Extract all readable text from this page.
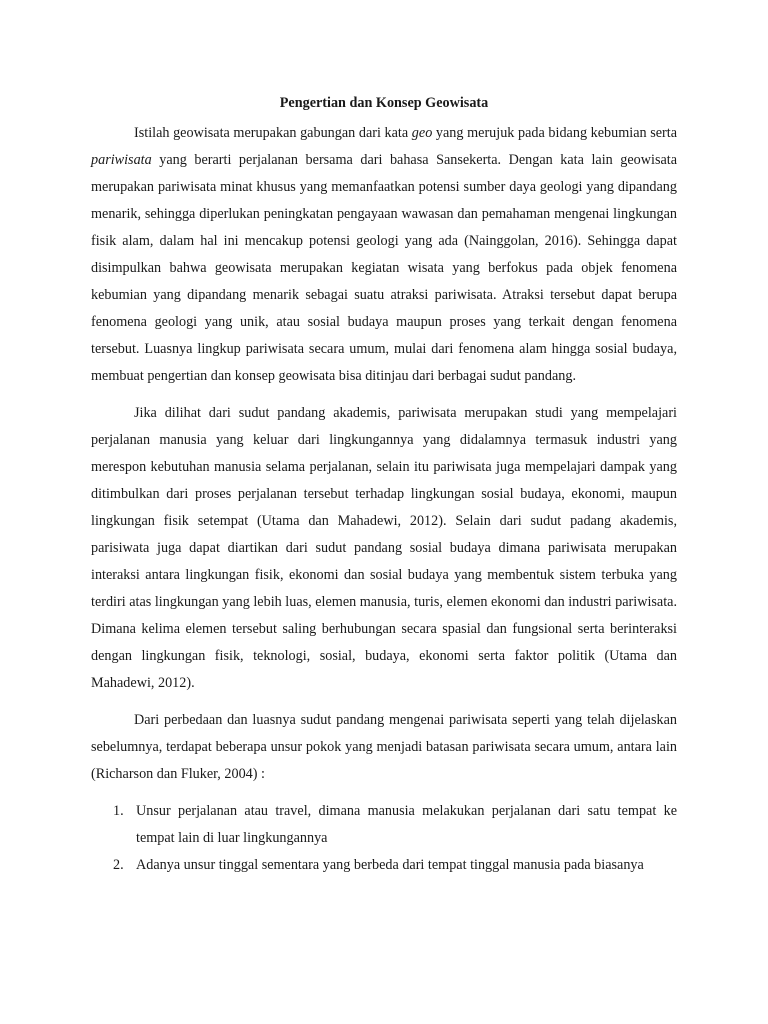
Pengertian dan Konsep Geowisata

Istilah geowisata merupakan gabungan dari kata geo yang merujuk pada bidang kebumian serta pariwisata yang berarti perjalanan bersama dari bahasa Sansekerta. Dengan kata lain geowisata merupakan pariwisata minat khusus yang memanfaatkan potensi sumber daya geologi yang dipandang menarik, sehingga diperlukan peningkatan pengayaan wawasan dan pemahaman mengenai lingkungan fisik alam, dalam hal ini mencakup potensi geologi yang ada (Nainggolan, 2016). Sehingga dapat disimpulkan bahwa geowisata merupakan kegiatan wisata yang berfokus pada objek fenomena kebumian yang dipandang menarik sebagai suatu atraksi pariwisata. Atraksi tersebut dapat berupa fenomena geologi yang unik, atau sosial budaya maupun proses yang terkait dengan fenomena tersebut. Luasnya lingkup pariwisata secara umum, mulai dari fenomena alam hingga sosial budaya, membuat pengertian dan konsep geowisata bisa ditinjau dari berbagai sudut pandang.

Jika dilihat dari sudut pandang akademis, pariwisata merupakan studi yang mempelajari perjalanan manusia yang keluar dari lingkungannya yang didalamnya termasuk industri yang merespon kebutuhan manusia selama perjalanan, selain itu pariwisata juga mempelajari dampak yang ditimbulkan dari proses perjalanan tersebut terhadap lingkungan sosial budaya, ekonomi, maupun lingkungan fisik setempat (Utama dan Mahadewi, 2012). Selain dari sudut padang akademis, parisiwata juga dapat diartikan dari sudut pandang sosial budaya dimana pariwisata merupakan interaksi antara lingkungan fisik, ekonomi dan sosial budaya yang membentuk sistem terbuka yang terdiri atas lingkungan yang lebih luas, elemen manusia, turis, elemen ekonomi dan industri pariwisata. Dimana kelima elemen tersebut saling berhubungan secara spasial dan fungsional serta berinteraksi dengan lingkungan fisik, teknologi, sosial, budaya, ekonomi serta faktor politik (Utama dan Mahadewi, 2012).

Dari perbedaan dan luasnya sudut pandang mengenai pariwisata seperti yang telah dijelaskan sebelumnya, terdapat beberapa unsur pokok yang menjadi batasan pariwisata secara umum, antara lain (Richarson dan Fluker, 2004) :

1. Unsur perjalanan atau travel, dimana manusia melakukan perjalanan dari satu tempat ke tempat lain di luar lingkungannya
2. Adanya unsur tinggal sementara yang berbeda dari tempat tinggal manusia pada biasanya
